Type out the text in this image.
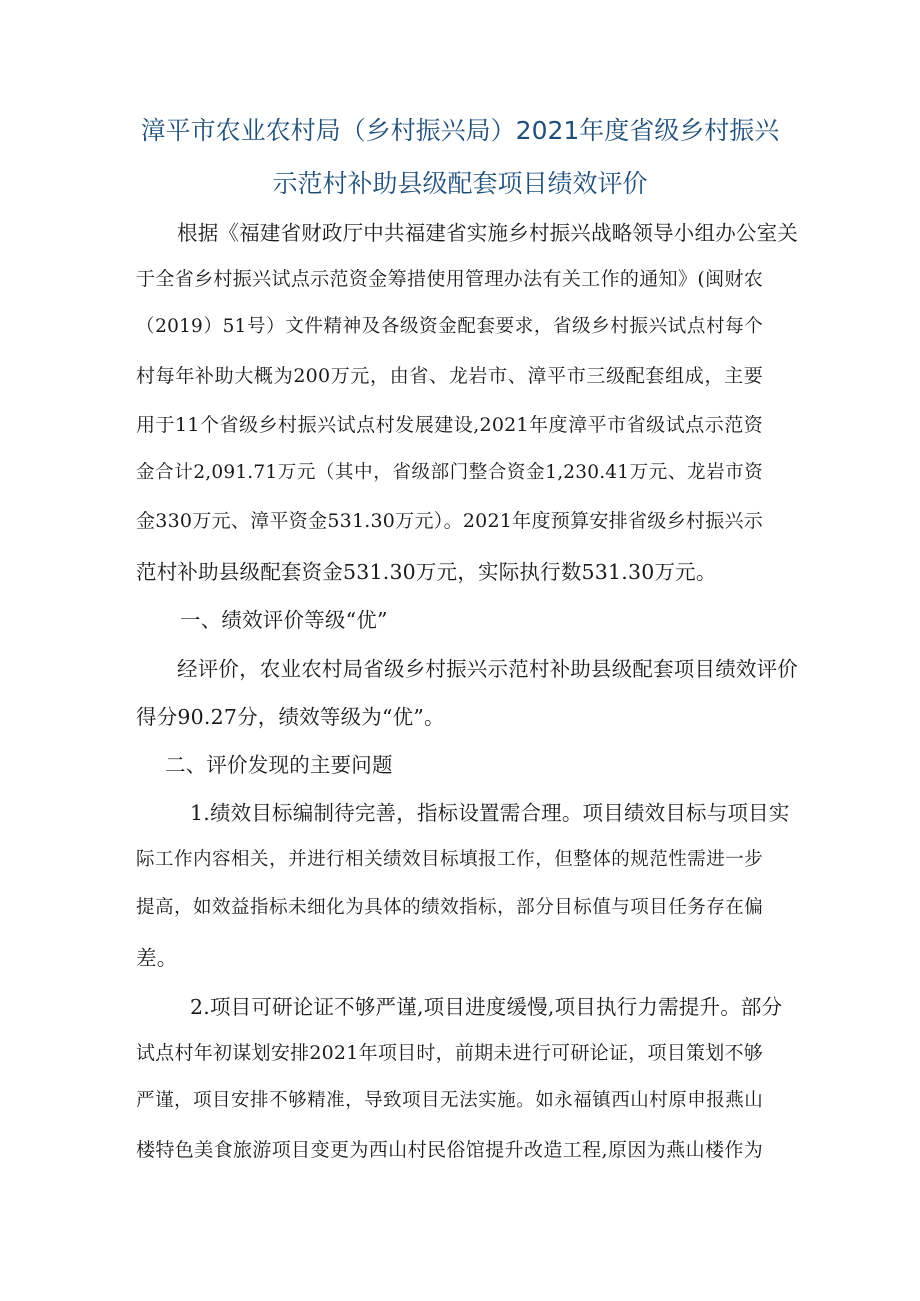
漳平市农业农村局（乡村振兴局）2021年度省级乡村振兴
示范村补助县级配套项目绩效评价

根据《福建省财政厅中共福建省实施乡村振兴战略领导小组办公室关

于全省乡村振兴试点示范资金筹措使用管理办法有关工作的通知》(闽财农

（2019）51号）文件精神及各级资金配套要求，省级乡村振兴试点村每个

村每年补助大概为200万元，由省、龙岩市、漳平市三级配套组成，主要

用于11个省级乡村振兴试点村发展建设,2021年度漳平市省级试点示范资

金合计2,091.71万元（其中，省级部门整合资金1,230.41万元、龙岩市资

金330万元、漳平资金531.30万元）。2021年度预算安排省级乡村振兴示

范村补助县级配套资金531.30万元，实际执行数531.30万元。

一、绩效评价等级“优”

经评价，农业农村局省级乡村振兴示范村补助县级配套项目绩效评价

得分90.27分，绩效等级为“优”。

二、评价发现的主要问题

1.绩效目标编制待完善，指标设置需合理。项目绩效目标与项目实

际工作内容相关，并进行相关绩效目标填报工作，但整体的规范性需进一步

提高，如效益指标未细化为具体的绩效指标，部分目标值与项目任务存在偏

差。

2.项目可研论证不够严谨,项目进度缓慢,项目执行力需提升。部分

试点村年初谋划安排2021年项目时，前期未进行可研论证，项目策划不够

严谨，项目安排不够精准，导致项目无法实施。如永福镇西山村原申报燕山

楼特色美食旅游项目变更为西山村民俗馆提升改造工程,原因为燕山楼作为
